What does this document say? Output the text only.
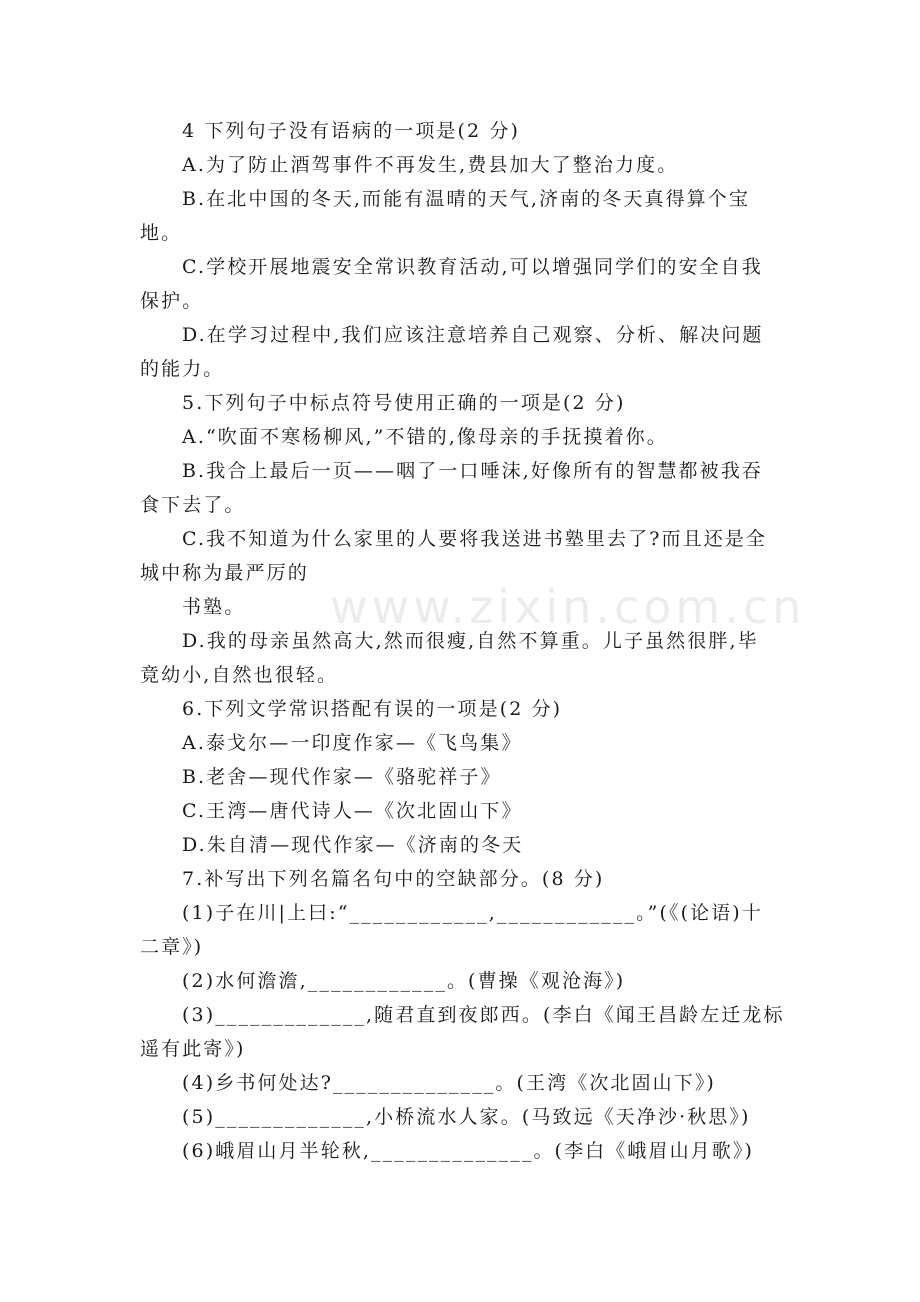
www.zixin.com.cn
4 下列句子没有语病的一项是(2 分)
A.为了防止酒驾事件不再发生,费县加大了整治力度。
B.在北中国的冬天,而能有温晴的天气,济南的冬天真得算个宝
地。
C.学校开展地震安全常识教育活动,可以增强同学们的安全自我
保护。
D.在学习过程中,我们应该注意培养自己观察、分析、解决问题
的能力。
5.下列句子中标点符号使用正确的一项是(2 分)
A.“吹面不寒杨柳风,”不错的,像母亲的手抚摸着你。
B.我合上最后一页——咽了一口唾沫,好像所有的智慧都被我吞
食下去了。
C.我不知道为什么家里的人要将我送进书塾里去了?而且还是全
城中称为最严厉的
书塾。
D.我的母亲虽然高大,然而很瘦,自然不算重。儿子虽然很胖,毕
竟幼小,自然也很轻。
6.下列文学常识搭配有误的一项是(2 分)
A.泰戈尔—一印度作家—《飞鸟集》
B.老舍—现代作家—《骆驼祥子》
C.王湾—唐代诗人—《次北固山下》
D.朱自清—现代作家—《济南的冬天
7.补写出下列名篇名句中的空缺部分。(8 分)
(1)子在川|上曰:“____________,____________。”(《(论语)十
二章》)
(2)水何澹澹,____________。(曹操《观沧海》)
(3)_____________,随君直到夜郎西。(李白《闻王昌龄左迁龙标
遥有此寄》)
(4)乡书何处达?______________。(王湾《次北固山下》)
(5)_____________,小桥流水人家。(马致远《天净沙·秋思》)
(6)峨眉山月半轮秋,______________。(李白《峨眉山月歌》)
